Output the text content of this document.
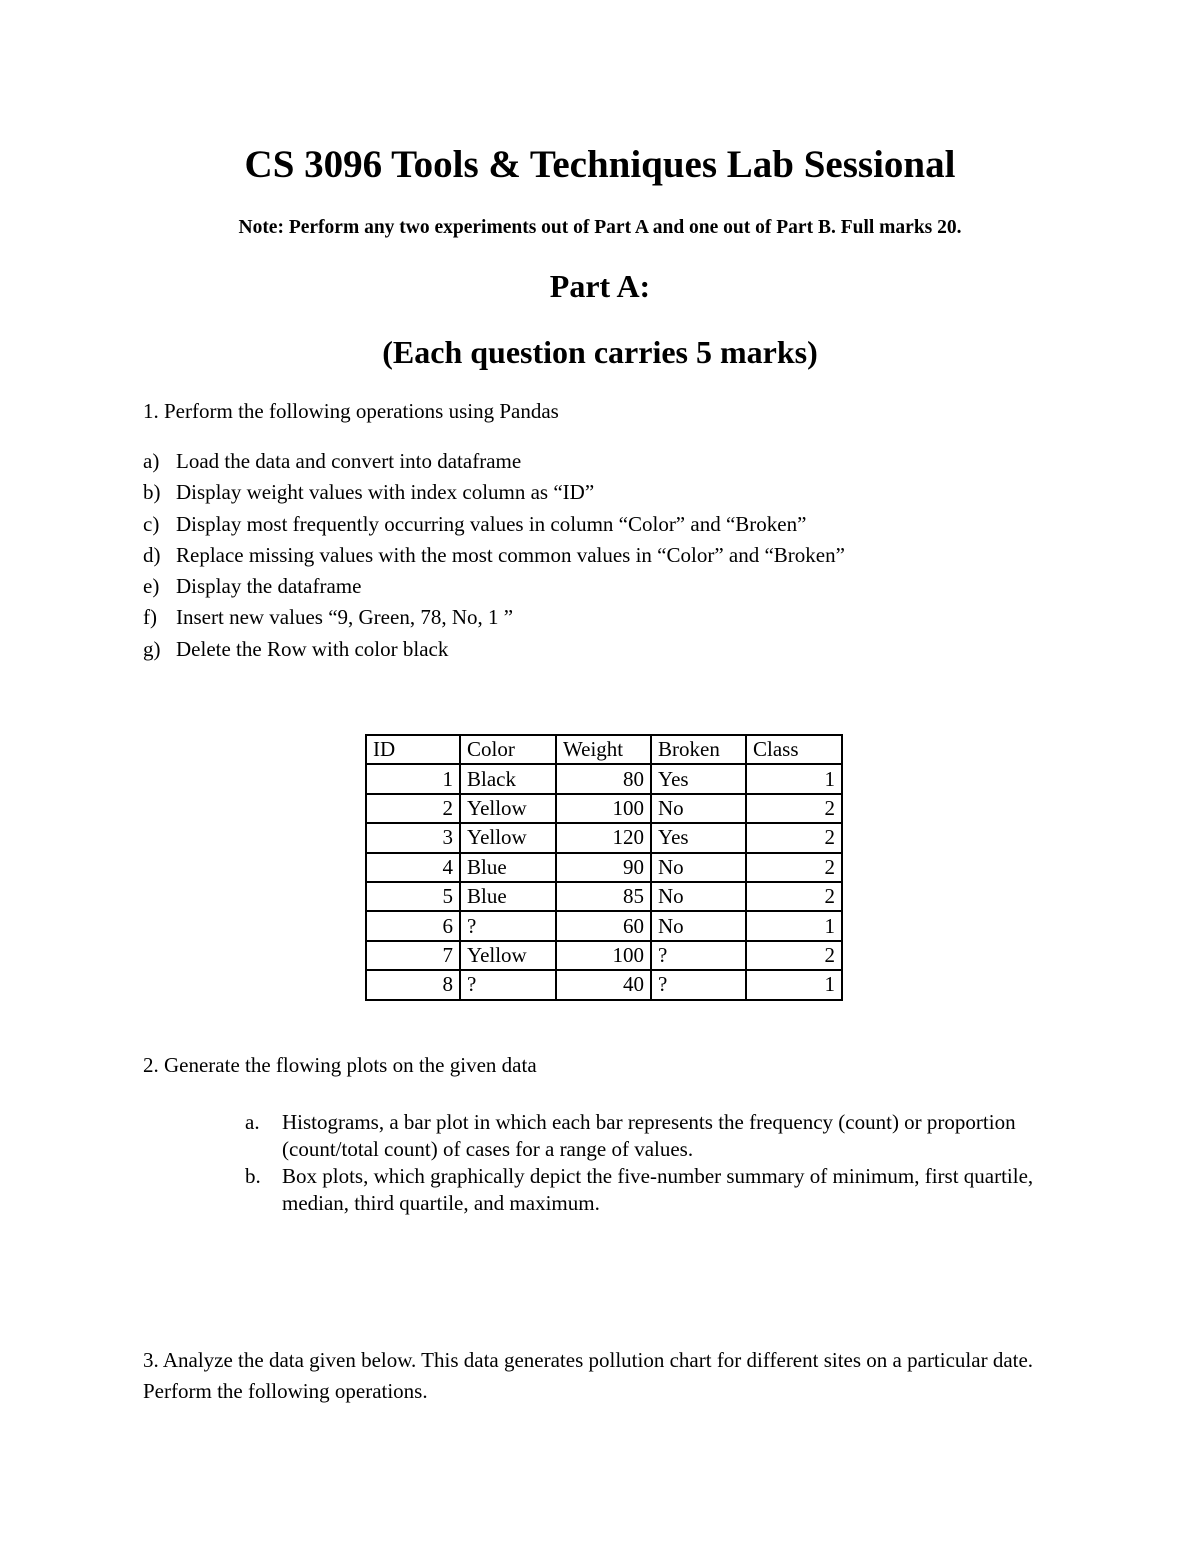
CS 3096 Tools & Techniques Lab Sessional
Note: Perform any two experiments out of Part A and one out of Part B. Full marks 20.
Part A:
(Each question carries 5 marks)
1. Perform the following operations using Pandas
a) Load the data and convert into dataframe
b) Display weight values with index column as “ID”
c) Display most frequently occurring values in column “Color” and “Broken”
d) Replace missing values with the most common values in “Color” and “Broken”
e) Display the dataframe
f) Insert new values “9, Green, 78, No, 1 ”
g) Delete the Row with color black
ID	Color	Weight	Broken	Class
1	Black	80	Yes	1
2	Yellow	100	No	2
3	Yellow	120	Yes	2
4	Blue	90	No	2
5	Blue	85	No	2
6	?	60	No	1
7	Yellow	100	?	2
8	?	40	?	1
2. Generate the flowing plots on the given data
a. Histograms, a bar plot in which each bar represents the frequency (count) or proportion (count/total count) of cases for a range of values.
b. Box plots, which graphically depict the five-number summary of minimum, first quartile, median, third quartile, and maximum.
3. Analyze the data given below. This data generates pollution chart for different sites on a particular date. Perform the following operations.
